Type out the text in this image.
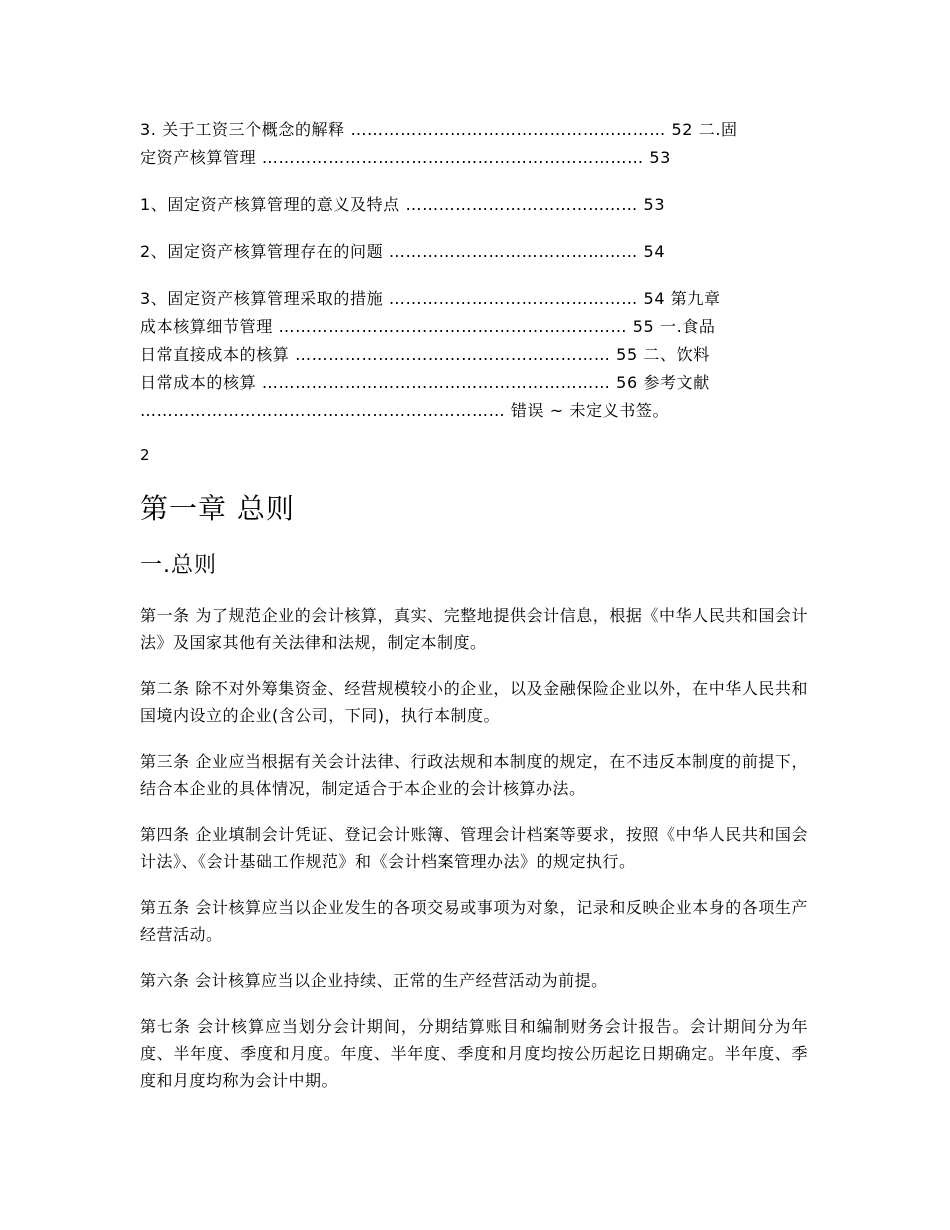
3. 关于工资三个概念的解释 ………………………………………………… 52 二.固

定资产核算管理 …………………………………………………………… 53

1、固定资产核算管理的意义及特点 …………………………………… 53

2、固定资产核算管理存在的问题 ……………………………………… 54

3、固定资产核算管理采取的措施 ……………………………………… 54 第九章

成本核算细节管理 ……………………………………………………… 55 一.食品

日常直接成本的核算 ………………………………………………… 55 二、饮料

日常成本的核算 ……………………………………………………… 56 参考文献

………………………………………………………… 错误 ~ 未定义书签。

2
第一章 总则
一.总则

第一条 为了规范企业的会计核算，真实、完整地提供会计信息，根据《中华人民共和国会计法》及国家其他有关法律和法规，制定本制度。

第二条 除不对外筹集资金、经营规模较小的企业，以及金融保险企业以外，在中华人民共和国境内设立的企业(含公司，下同)，执行本制度。

第三条 企业应当根据有关会计法律、行政法规和本制度的规定，在不违反本制度的前提下，结合本企业的具体情况，制定适合于本企业的会计核算办法。

第四条 企业填制会计凭证、登记会计账簿、管理会计档案等要求，按照《中华人民共和国会计法》、《会计基础工作规范》和《会计档案管理办法》的规定执行。

第五条 会计核算应当以企业发生的各项交易或事项为对象，记录和反映企业本身的各项生产经营活动。

第六条 会计核算应当以企业持续、正常的生产经营活动为前提。

第七条 会计核算应当划分会计期间，分期结算账目和编制财务会计报告。会计期间分为年度、半年度、季度和月度。年度、半年度、季度和月度均按公历起讫日期确定。半年度、季度和月度均称为会计中期。
